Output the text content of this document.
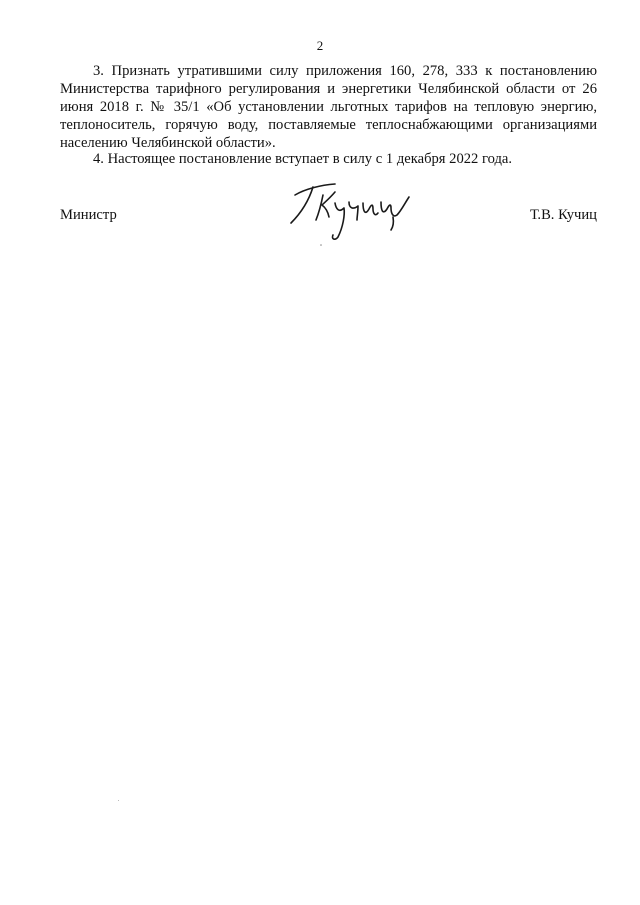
2

3. Признать утратившими силу приложения 160, 278, 333 к постановлению Министерства тарифного регулирования и энергетики Челябинской области от 26 июня 2018 г. № 35/1 «Об установлении льготных тарифов на тепловую энергию, теплоноситель, горячую воду, поставляемые теплоснабжающими организациями населению Челябинской области».

4. Настоящее постановление вступает в силу с 1 декабря 2022 года.

Министр	Т.В. Кучиц
